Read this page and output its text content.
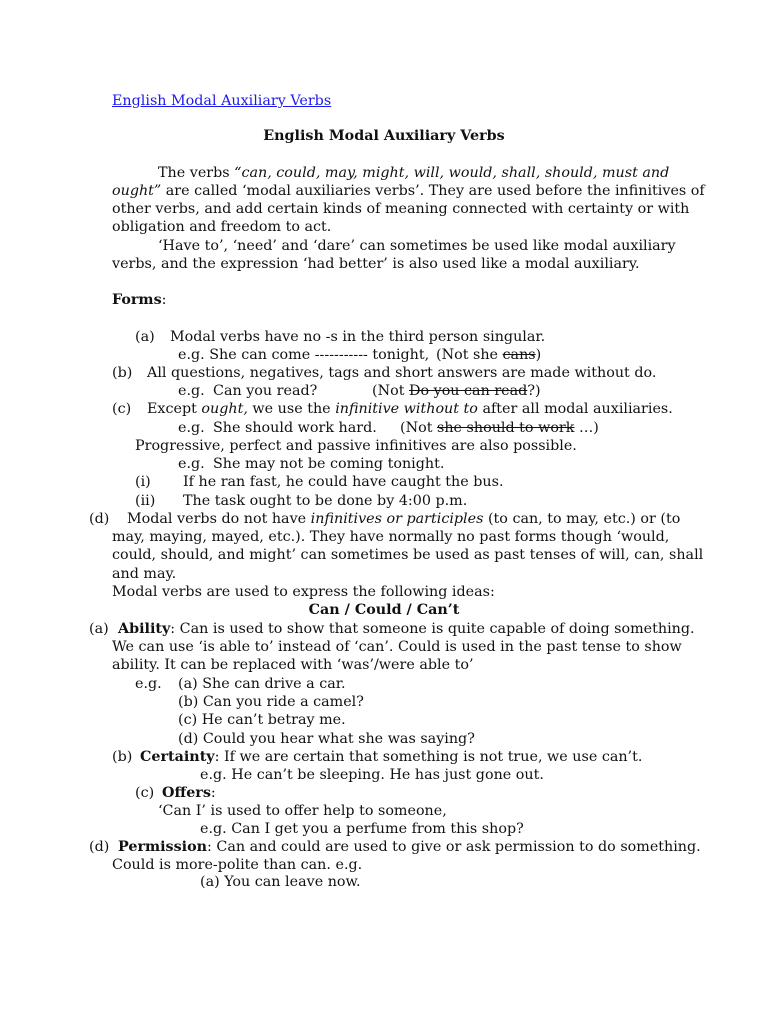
English Modal Auxiliary Verbs
English Modal Auxiliary Verbs
The verbs “can, could, may, might, will, would, shall, should, must and
ought” are called ‘modal auxiliaries verbs’. They are used before the infinitives of
other verbs, and add certain kinds of meaning connected with certainty or with
obligation and freedom to act.
‘Have to’, ‘need’ and ‘dare’ can sometimes be used like modal auxiliary
verbs, and the expression ‘had better’ is also used like a modal auxiliary.
Forms:
(a) Modal verbs have no -s in the third person singular.
e.g. She can come ----------- tonight, (Not she cans)
(b) All questions, negatives, tags and short answers are made without do.
e.g. Can you read?	(Not Do you can read?)
(c) Except ought, we use the infinitive without to after all modal auxiliaries.
e.g. She should work hard. (Not she should to work …)
Progressive, perfect and passive infinitives are also possible.
e.g. She may not be coming tonight.
(i) If he ran fast, he could have caught the bus.
(ii) The task ought to be done by 4:00 p.m.
(d) Modal verbs do not have infinitives or participles (to can, to may, etc.) or (to
may, maying, mayed, etc.). They have normally no past forms though ‘would,
could, should, and might’ can sometimes be used as past tenses of will, can, shall
and may.
Modal verbs are used to express the following ideas:
Can / Could / Can’t
(a) Ability: Can is used to show that someone is quite capable of doing something.
We can use ‘is able to’ instead of ‘can’. Could is used in the past tense to show
ability. It can be replaced with ‘was’/were able to’
e.g. (a) She can drive a car.
(b) Can you ride a camel?
(c) He can’t betray me.
(d) Could you hear what she was saying?
(b) Certainty: If we are certain that something is not true, we use can’t.
e.g. He can’t be sleeping. He has just gone out.
(c) Offers:
‘Can I’ is used to offer help to someone,
e.g. Can I get you a perfume from this shop?
(d) Permission: Can and could are used to give or ask permission to do something.
Could is more-polite than can. e.g.
(a) You can leave now.
